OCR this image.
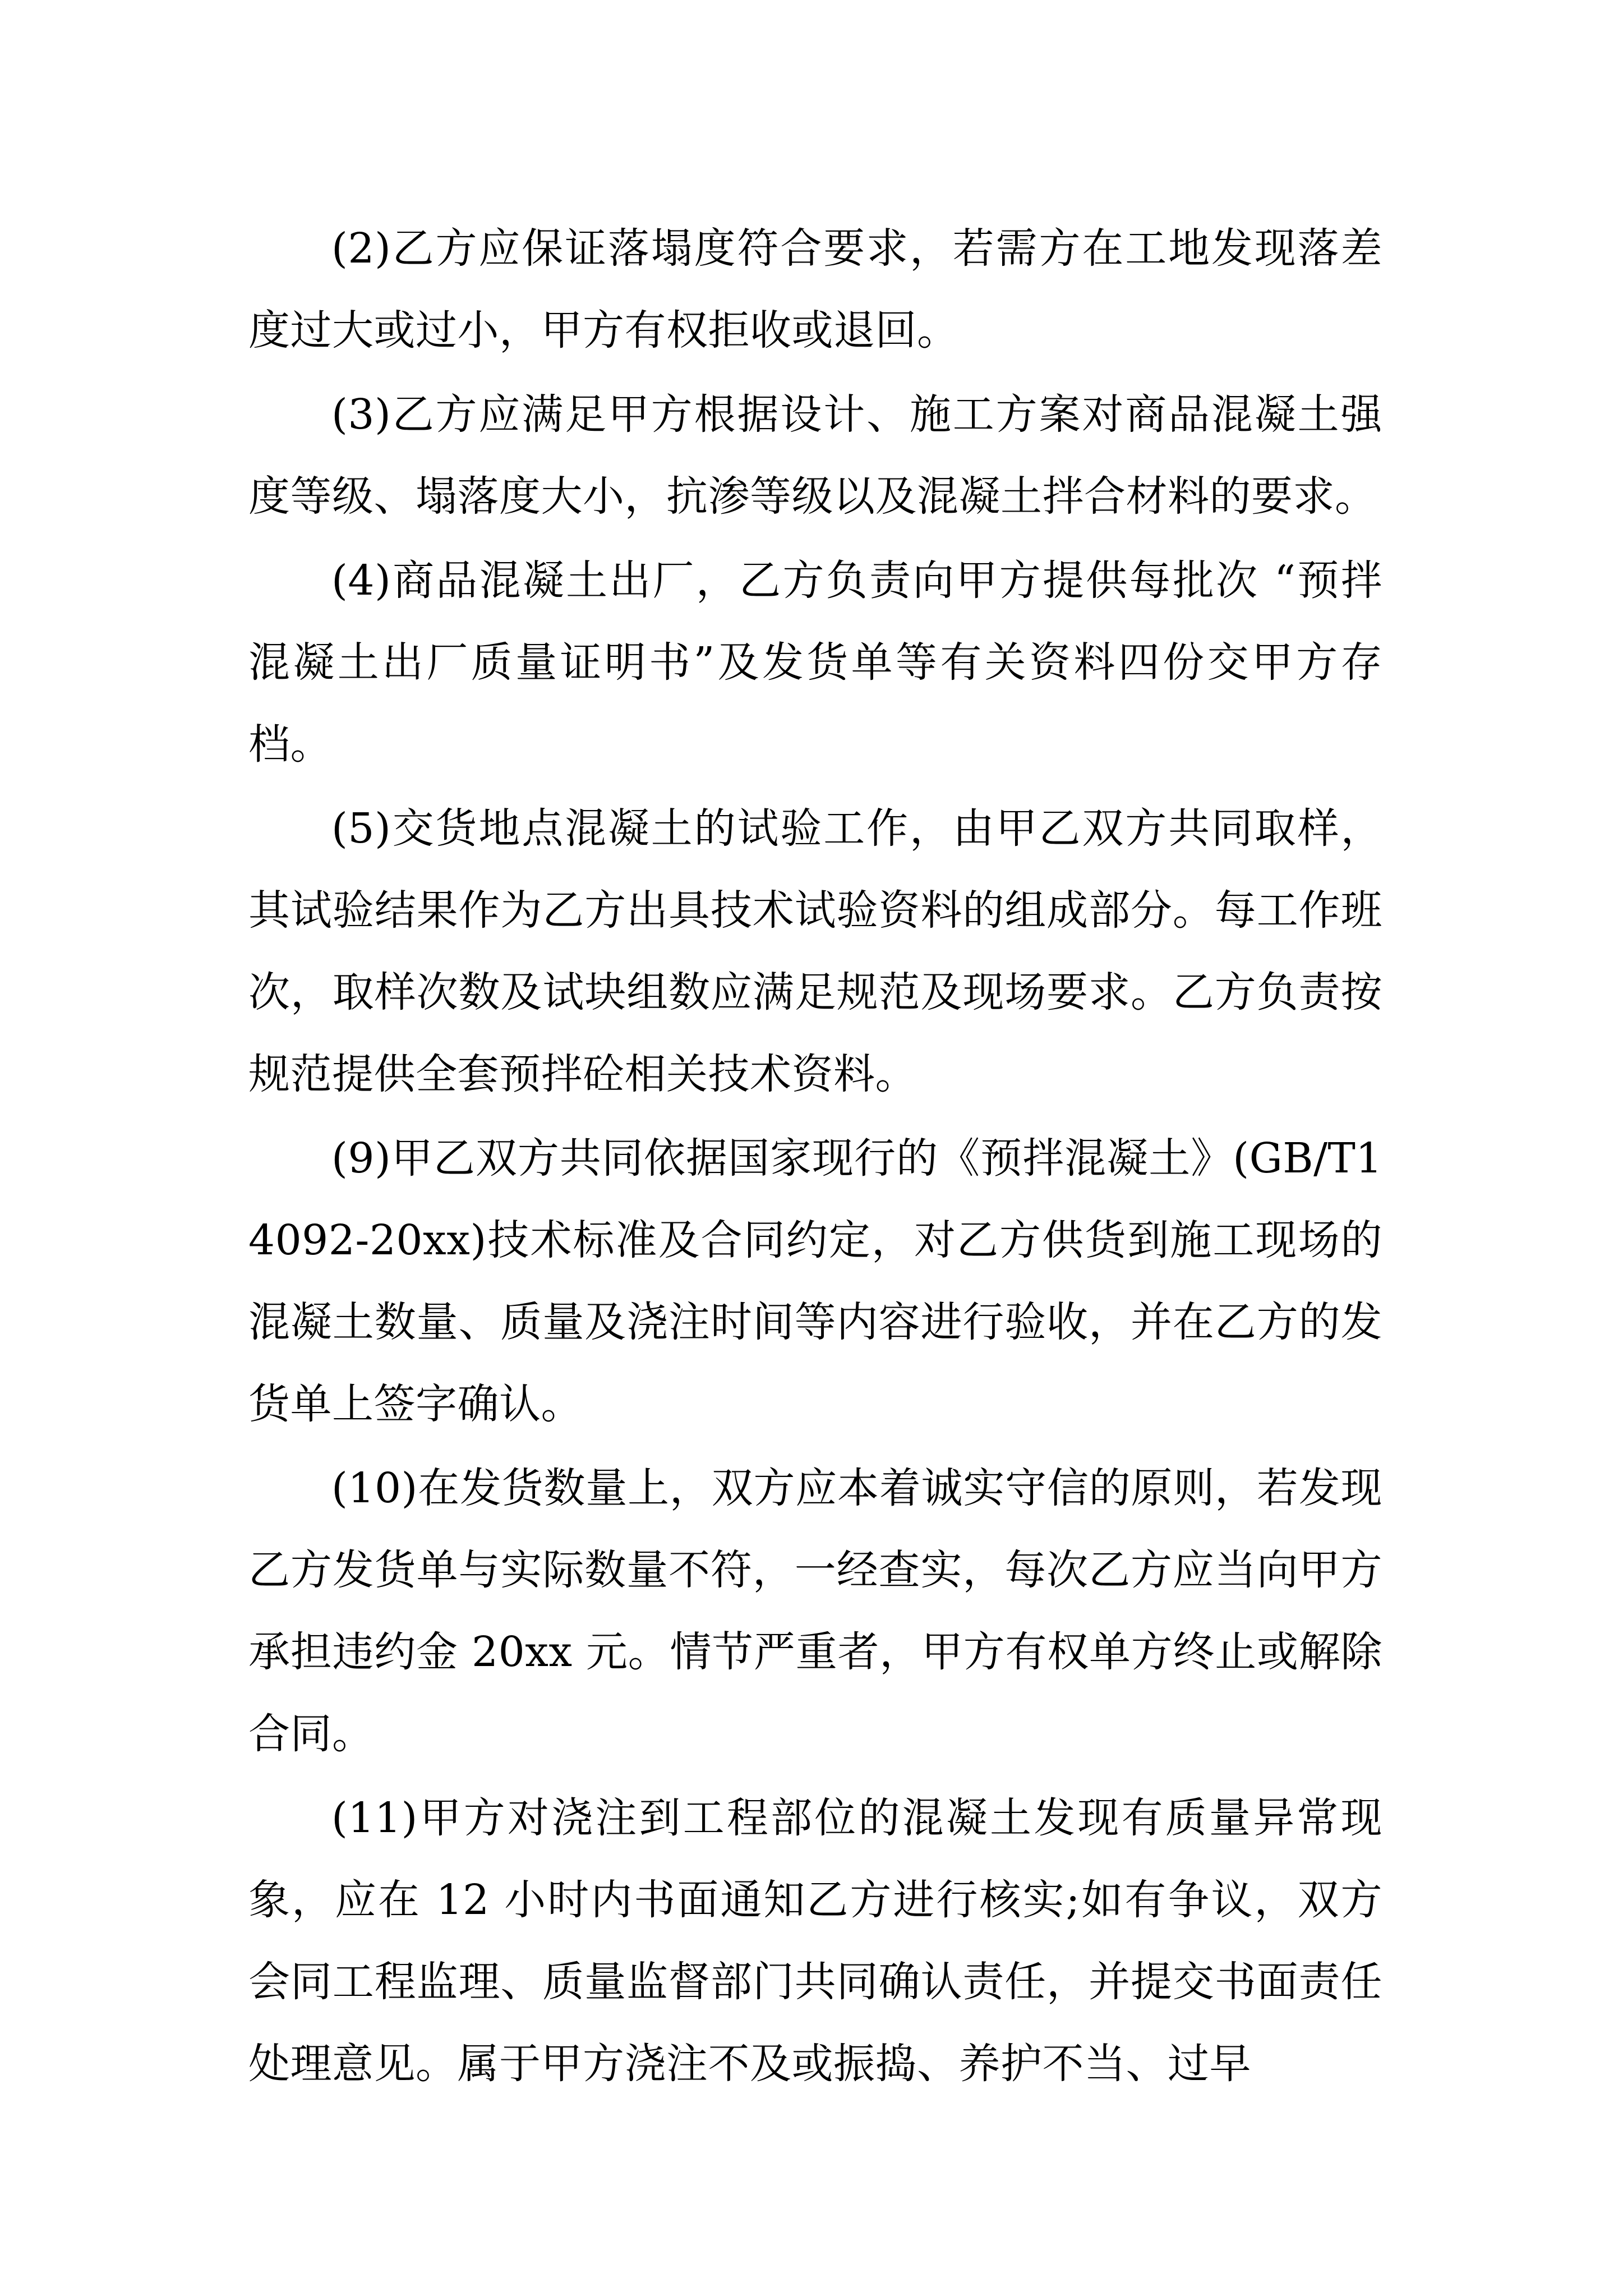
(2)乙方应保证落塌度符合要求，若需方在工地发现落差度过大或过小，甲方有权拒收或退回。

(3)乙方应满足甲方根据设计、施工方案对商品混凝土强度等级、塌落度大小，抗渗等级以及混凝土拌合材料的要求。

(4)商品混凝土出厂，乙方负责向甲方提供每批次 “预拌混凝土出厂质量证明书”及发货单等有关资料四份交甲方存档。

(5)交货地点混凝土的试验工作，由甲乙双方共同取样，其试验结果作为乙方出具技术试验资料的组成部分。每工作班次，取样次数及试块组数应满足规范及现场要求。乙方负责按规范提供全套预拌砼相关技术资料。

(9)甲乙双方共同依据国家现行的《预拌混凝土》(GB/T14092-20xx)技术标准及合同约定，对乙方供货到施工现场的混凝土数量、质量及浇注时间等内容进行验收，并在乙方的发货单上签字确认。

(10)在发货数量上，双方应本着诚实守信的原则，若发现乙方发货单与实际数量不符，一经查实，每次乙方应当向甲方承担违约金 20xx 元。情节严重者，甲方有权单方终止或解除合同。

(11)甲方对浇注到工程部位的混凝土发现有质量异常现象，应在 12 小时内书面通知乙方进行核实;如有争议，双方会同工程监理、质量监督部门共同确认责任，并提交书面责任处理意见。属于甲方浇注不及或振捣、养护不当、过早
